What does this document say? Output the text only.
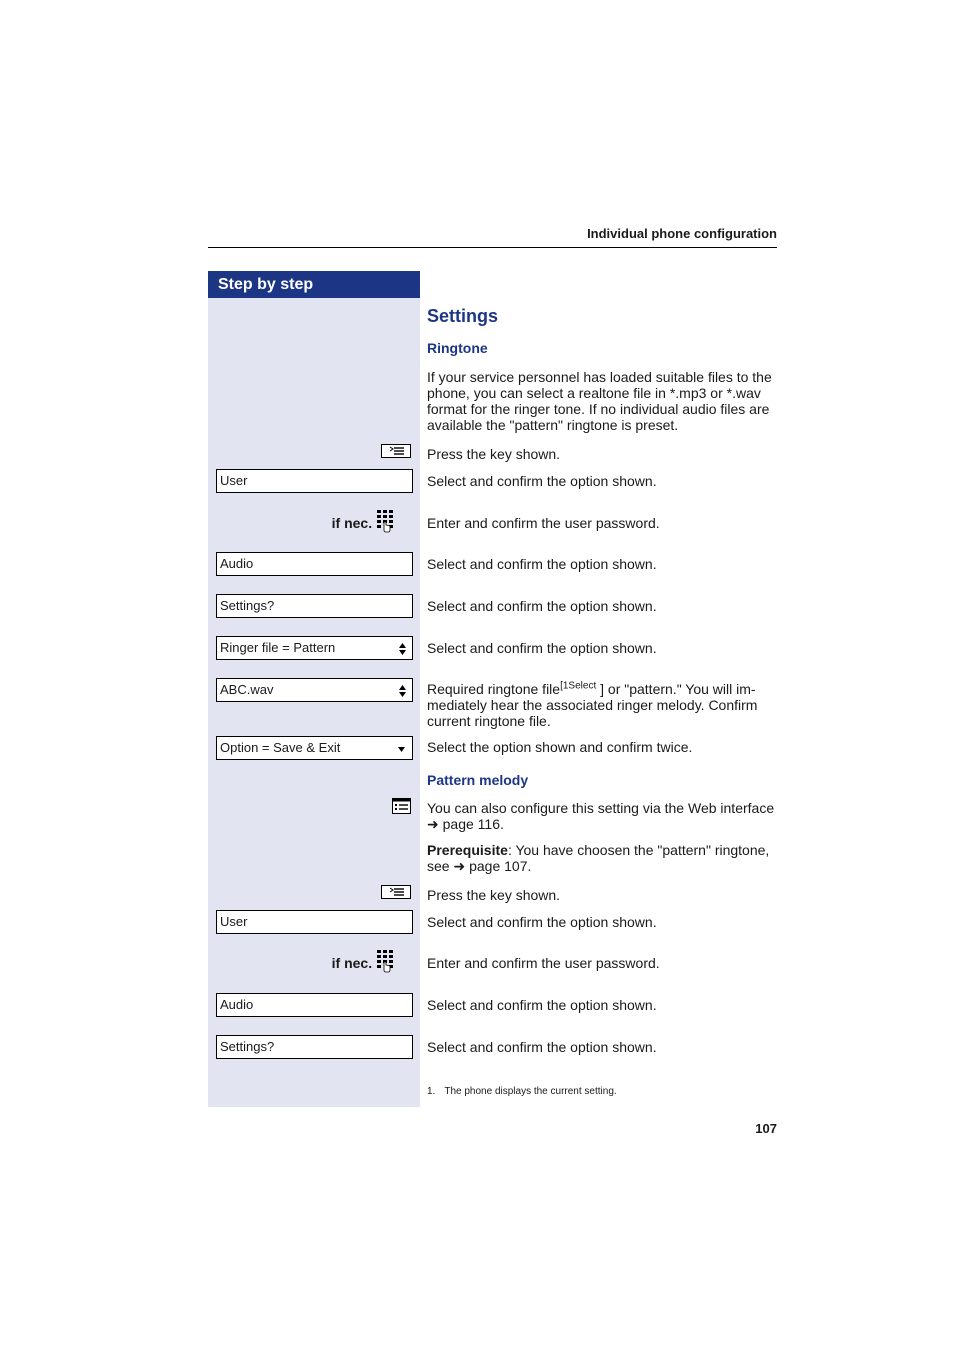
Individual phone configuration
Step by step
Settings
Ringtone
If your service personnel has loaded suitable files to the phone, you can select a realtone file in *.mp3 or *.wav format for the ringer tone. If no individual audio files are available the "pattern" ringtone is preset.
Press the key shown.
User	Select and confirm the option shown.
if nec.	Enter and confirm the user password.
Audio	Select and confirm the option shown.
Settings?	Select and confirm the option shown.
Ringer file = Pattern	Select and confirm the option shown.
ABC.wav	Required ringtone file$^{[1Select}$ ] or "pattern." You will immediately hear the associated ringer melody. Confirm current ringtone file.
Option = Save & Exit	Select the option shown and confirm twice.
Pattern melody
You can also configure this setting via the Web interface
➜ page 116.
Prerequisite: You have choosen the "pattern" ringtone, see ➜ page 107.
Press the key shown.
User	Select and confirm the option shown.
if nec.	Enter and confirm the user password.
Audio	Select and confirm the option shown.
Settings?	Select and confirm the option shown.
1. The phone displays the current setting.
107
